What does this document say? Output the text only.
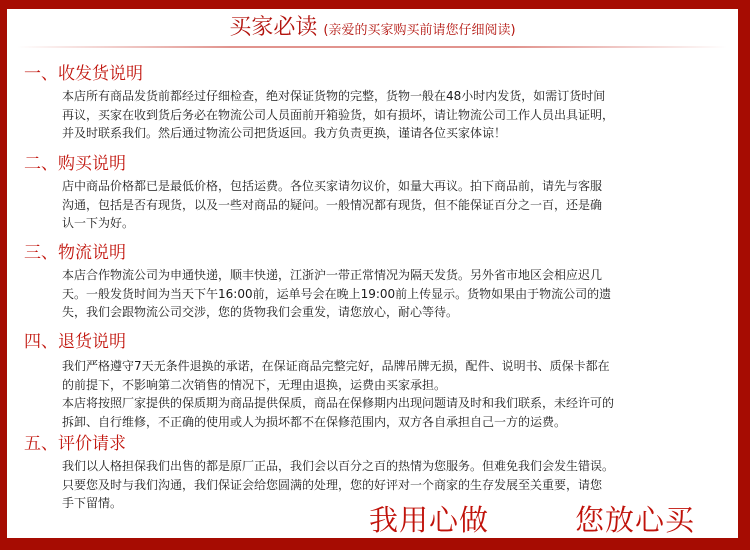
买家必读 (亲爱的买家购买前请您仔细阅读)
一、收发货说明

本店所有商品发货前都经过仔细检查，绝对保证货物的完整，货物一般在48小时内发货，如需订货时间

再议，买家在收到货后务必在物流公司人员面前开箱验货，如有损坏，请让物流公司工作人员出具证明，

并及时联系我们。然后通过物流公司把货返回。我方负责更换，谨请各位买家体谅！

二、购买说明

店中商品价格都已是最低价格，包括运费。各位买家请勿议价，如量大再议。拍下商品前，请先与客服

沟通，包括是否有现货，以及一些对商品的疑问。一般情况都有现货，但不能保证百分之一百，还是确

认一下为好。

三、物流说明

本店合作物流公司为申通快递，顺丰快递，江浙沪一带正常情况为隔天发货。另外省市地区会相应迟几

天。一般发货时间为当天下午16:00前，运单号会在晚上19:00前上传显示。货物如果由于物流公司的遗

失，我们会跟物流公司交涉，您的货物我们会重发，请您放心，耐心等待。

四、退货说明

我们严格遵守7天无条件退换的承诺，在保证商品完整完好，品牌吊牌无损，配件、说明书、质保卡都在

的前提下，不影响第二次销售的情况下，无理由退换，运费由买家承担。

本店将按照厂家提供的保质期为商品提供保质，商品在保修期内出现问题请及时和我们联系，未经许可的

拆卸、自行维修，不正确的使用或人为损坏都不在保修范围内，双方各自承担自己一方的运费。

五、评价请求

我们以人格担保我们出售的都是原厂正品，我们会以百分之百的热情为您服务。但难免我们会发生错误。

只要您及时与我们沟通，我们保证会给您圆满的处理，您的好评对一个商家的生存发展至关重要，请您

手下留情。	我用心做	您放心买
